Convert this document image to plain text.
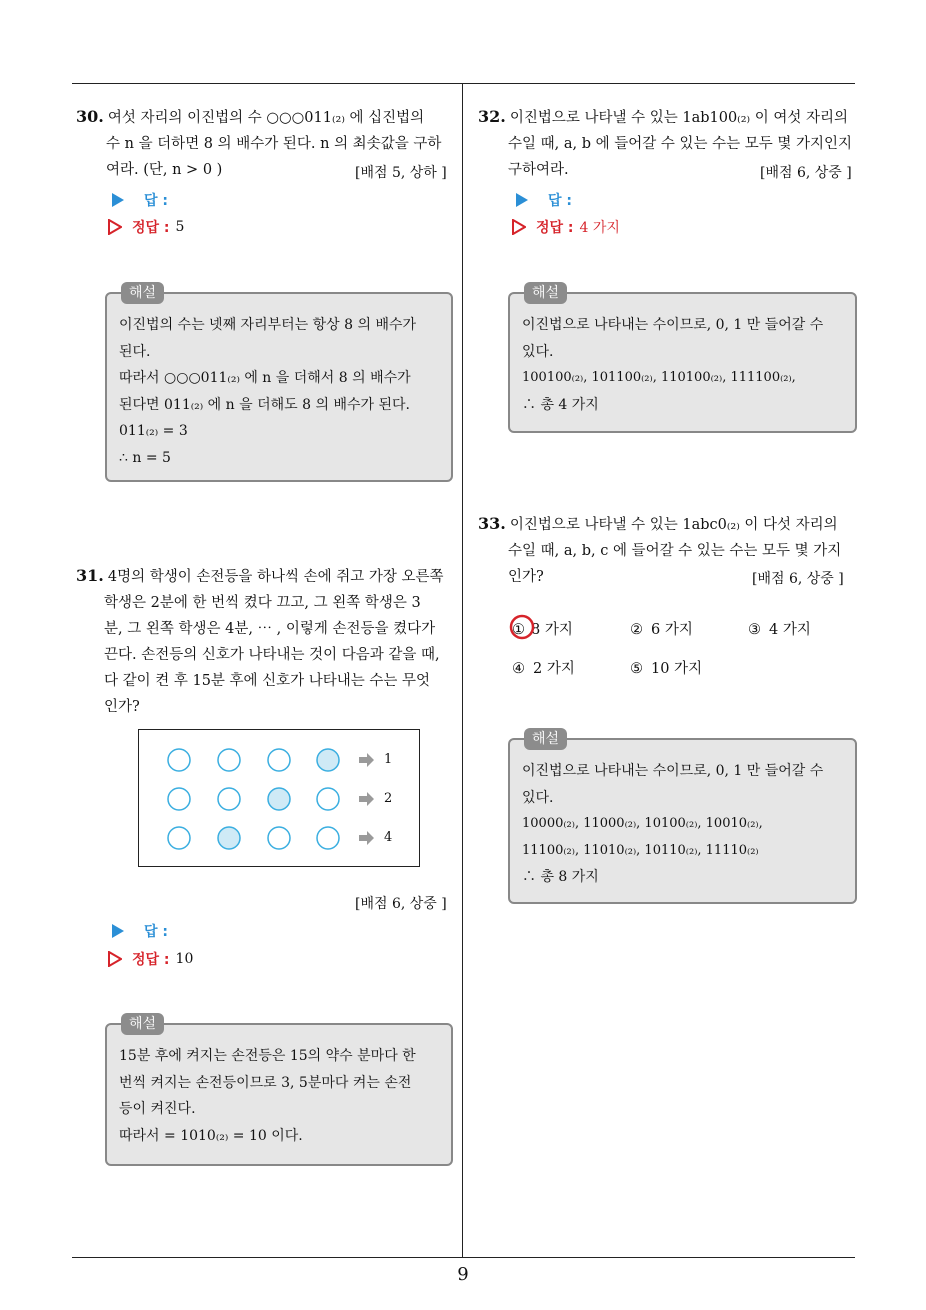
30. 여섯 자리의 이진법의 수 ○○○011₍₂₎ 에 십진법의
수 n 을 더하면 8 의 배수가 된다. n 의 최솟값을 구하
여라. (단, n > 0 )	[배점 5, 상하 ]
답 :
정답 : 5
해설
이진법의 수는 넷째 자리부터는 항상 8 의 배수가
된다.
따라서 ○○○011₍₂₎ 에 n 을 더해서 8 의 배수가
된다면 011₍₂₎ 에 n 을 더해도 8 의 배수가 된다.
011₍₂₎ = 3
∴ n = 5
31. 4명의 학생이 손전등을 하나씩 손에 쥐고 가장 오른쪽
학생은 2분에 한 번씩 켰다 끄고, 그 왼쪽 학생은 3
분, 그 왼쪽 학생은 4분, ⋯ , 이렇게 손전등을 켰다가
끈다. 손전등의 신호가 나타내는 것이 다음과 같을 때,
다 같이 켠 후 15분 후에 신호가 나타내는 수는 무엇
인가?
1
2
4
[배점 6, 상중 ]
답 :
정답 : 10
해설
15분 후에 켜지는 손전등은 15의 약수 분마다 한
번씩 켜지는 손전등이므로 3, 5분마다 켜는 손전
등이 켜진다.
따라서 = 1010₍₂₎ = 10 이다.
32. 이진법으로 나타낼 수 있는 1ab100₍₂₎ 이 여섯 자리의
수일 때, a, b 에 들어갈 수 있는 수는 모두 몇 가지인지
구하여라.	[배점 6, 상중 ]
답 :
정답 : 4 가지
해설
이진법으로 나타내는 수이므로, 0, 1 만 들어갈 수
있다.
100100₍₂₎, 101100₍₂₎, 110100₍₂₎, 111100₍₂₎,
∴ 총 4 가지
33. 이진법으로 나타낼 수 있는 1abc0₍₂₎ 이 다섯 자리의
수일 때, a, b, c 에 들어갈 수 있는 수는 모두 몇 가지
인가?	[배점 6, 상중 ]
① 8 가지	② 6 가지	③ 4 가지
④ 2 가지	⑤ 10 가지
해설
이진법으로 나타내는 수이므로, 0, 1 만 들어갈 수
있다.
10000₍₂₎, 11000₍₂₎, 10100₍₂₎, 10010₍₂₎,
11100₍₂₎, 11010₍₂₎, 10110₍₂₎, 11110₍₂₎
∴ 총 8 가지
9
